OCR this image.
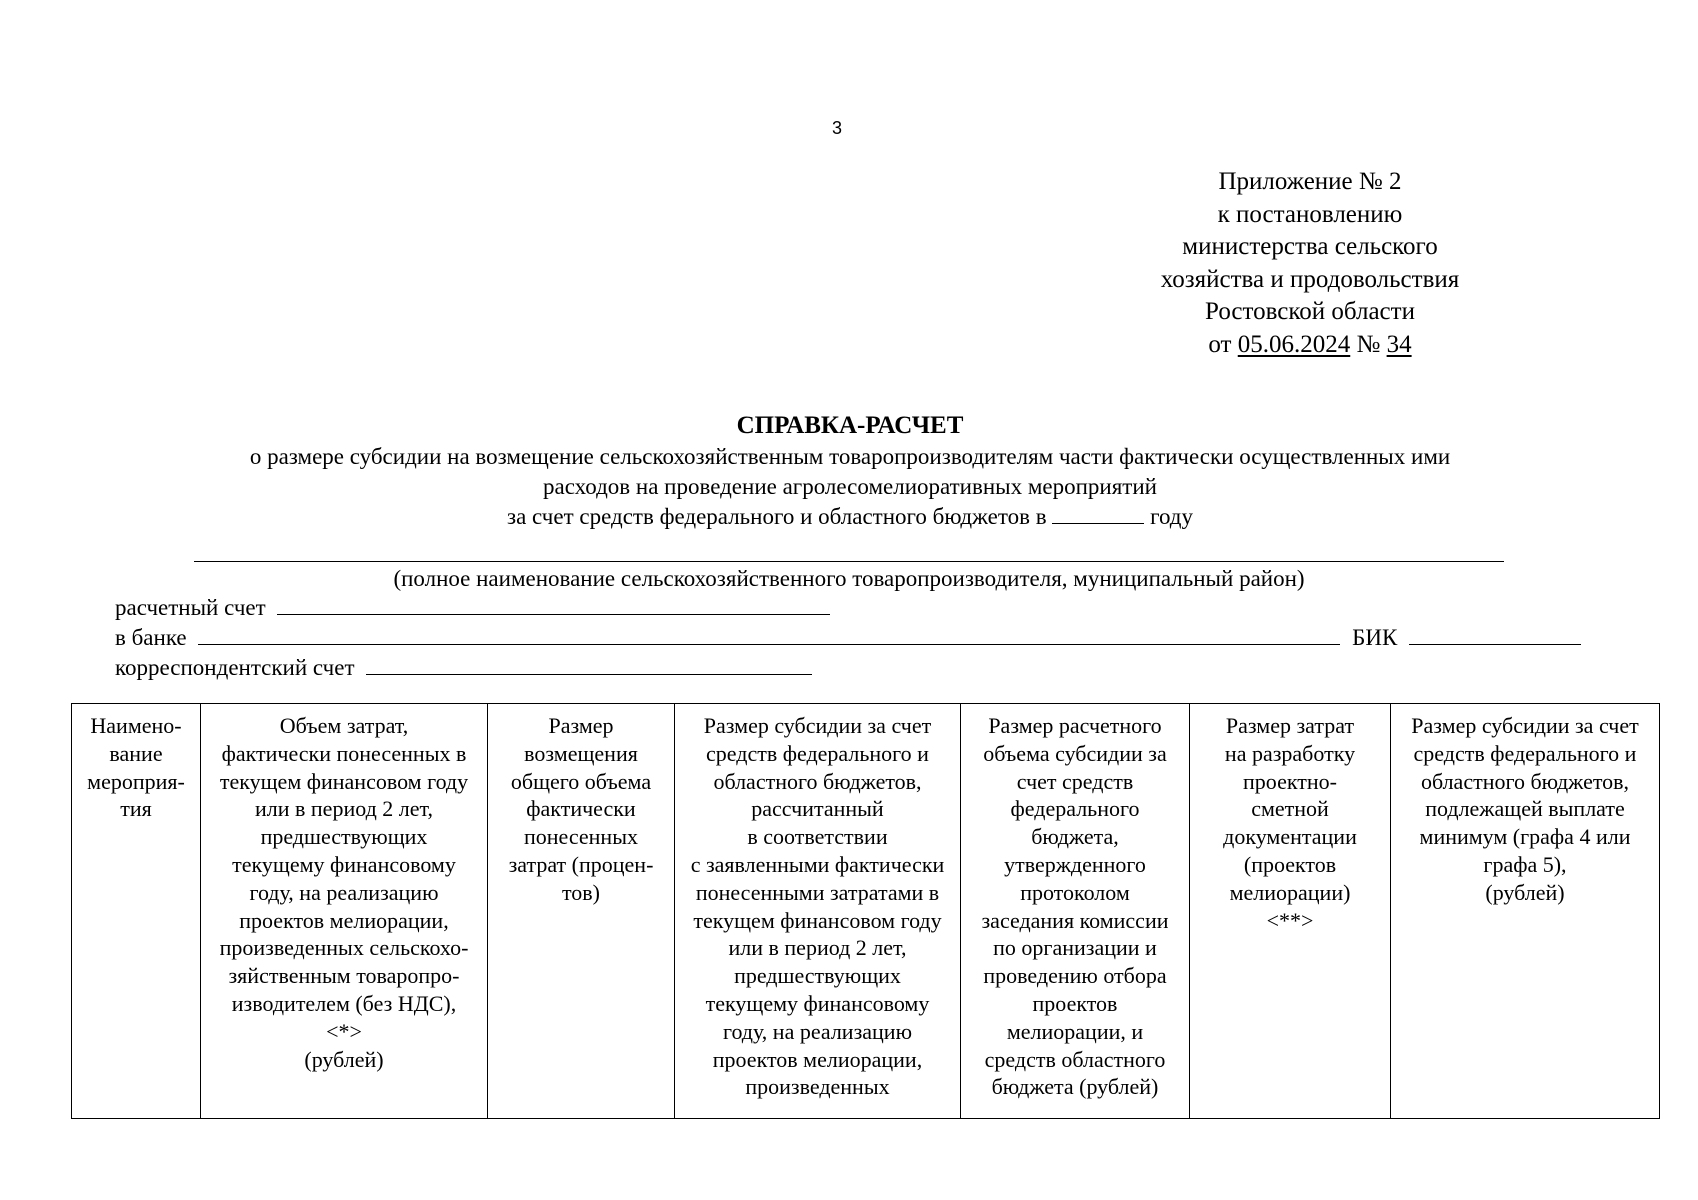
3
Приложение № 2
к постановлению
министерства сельского
хозяйства и продовольствия
Ростовской области
от 05.06.2024 № 34
СПРАВКА-РАСЧЕТ
о размере субсидии на возмещение сельскохозяйственным товаропроизводителям части фактически осуществленных ими
расходов на проведение агролесомелиоративных мероприятий
за счет средств федерального и областного бюджетов в	году
(полное наименование сельскохозяйственного товаропроизводителя, муниципальный район)
расчетный счет
в банке	БИК
корреспондентский счет
Наимено-
вание
мероприя-
тия

Объем затрат,
фактически понесенных в
текущем финансовом году
или в период 2 лет,
предшествующих
текущему финансовому
году, на реализацию
проектов мелиорации,
произведенных сельскохо-
зяйственным товаропро-
изводителем (без НДС),
<*>
(рублей)

Размер
возмещения
общего объема
фактически
понесенных
затрат (процен-
тов)

Размер субсидии за счет
средств федерального и
областного бюджетов,
рассчитанный
в соответствии
с заявленными фактически
понесенными затратами в
текущем финансовом году
или в период 2 лет,
предшествующих
текущему финансовому
году, на реализацию
проектов мелиорации,
произведенных

Размер расчетного
объема субсидии за
счет средств
федерального
бюджета,
утвержденного
протоколом
заседания комиссии
по организации и
проведению отбора
проектов
мелиорации, и
средств областного
бюджета (рублей)

Размер затрат
на разработку
проектно-
сметной
документации
(проектов
мелиорации)
<**>

Размер субсидии за счет
средств федерального и
областного бюджетов,
подлежащей выплате
минимум (графа 4 или
графа 5),
(рублей)
